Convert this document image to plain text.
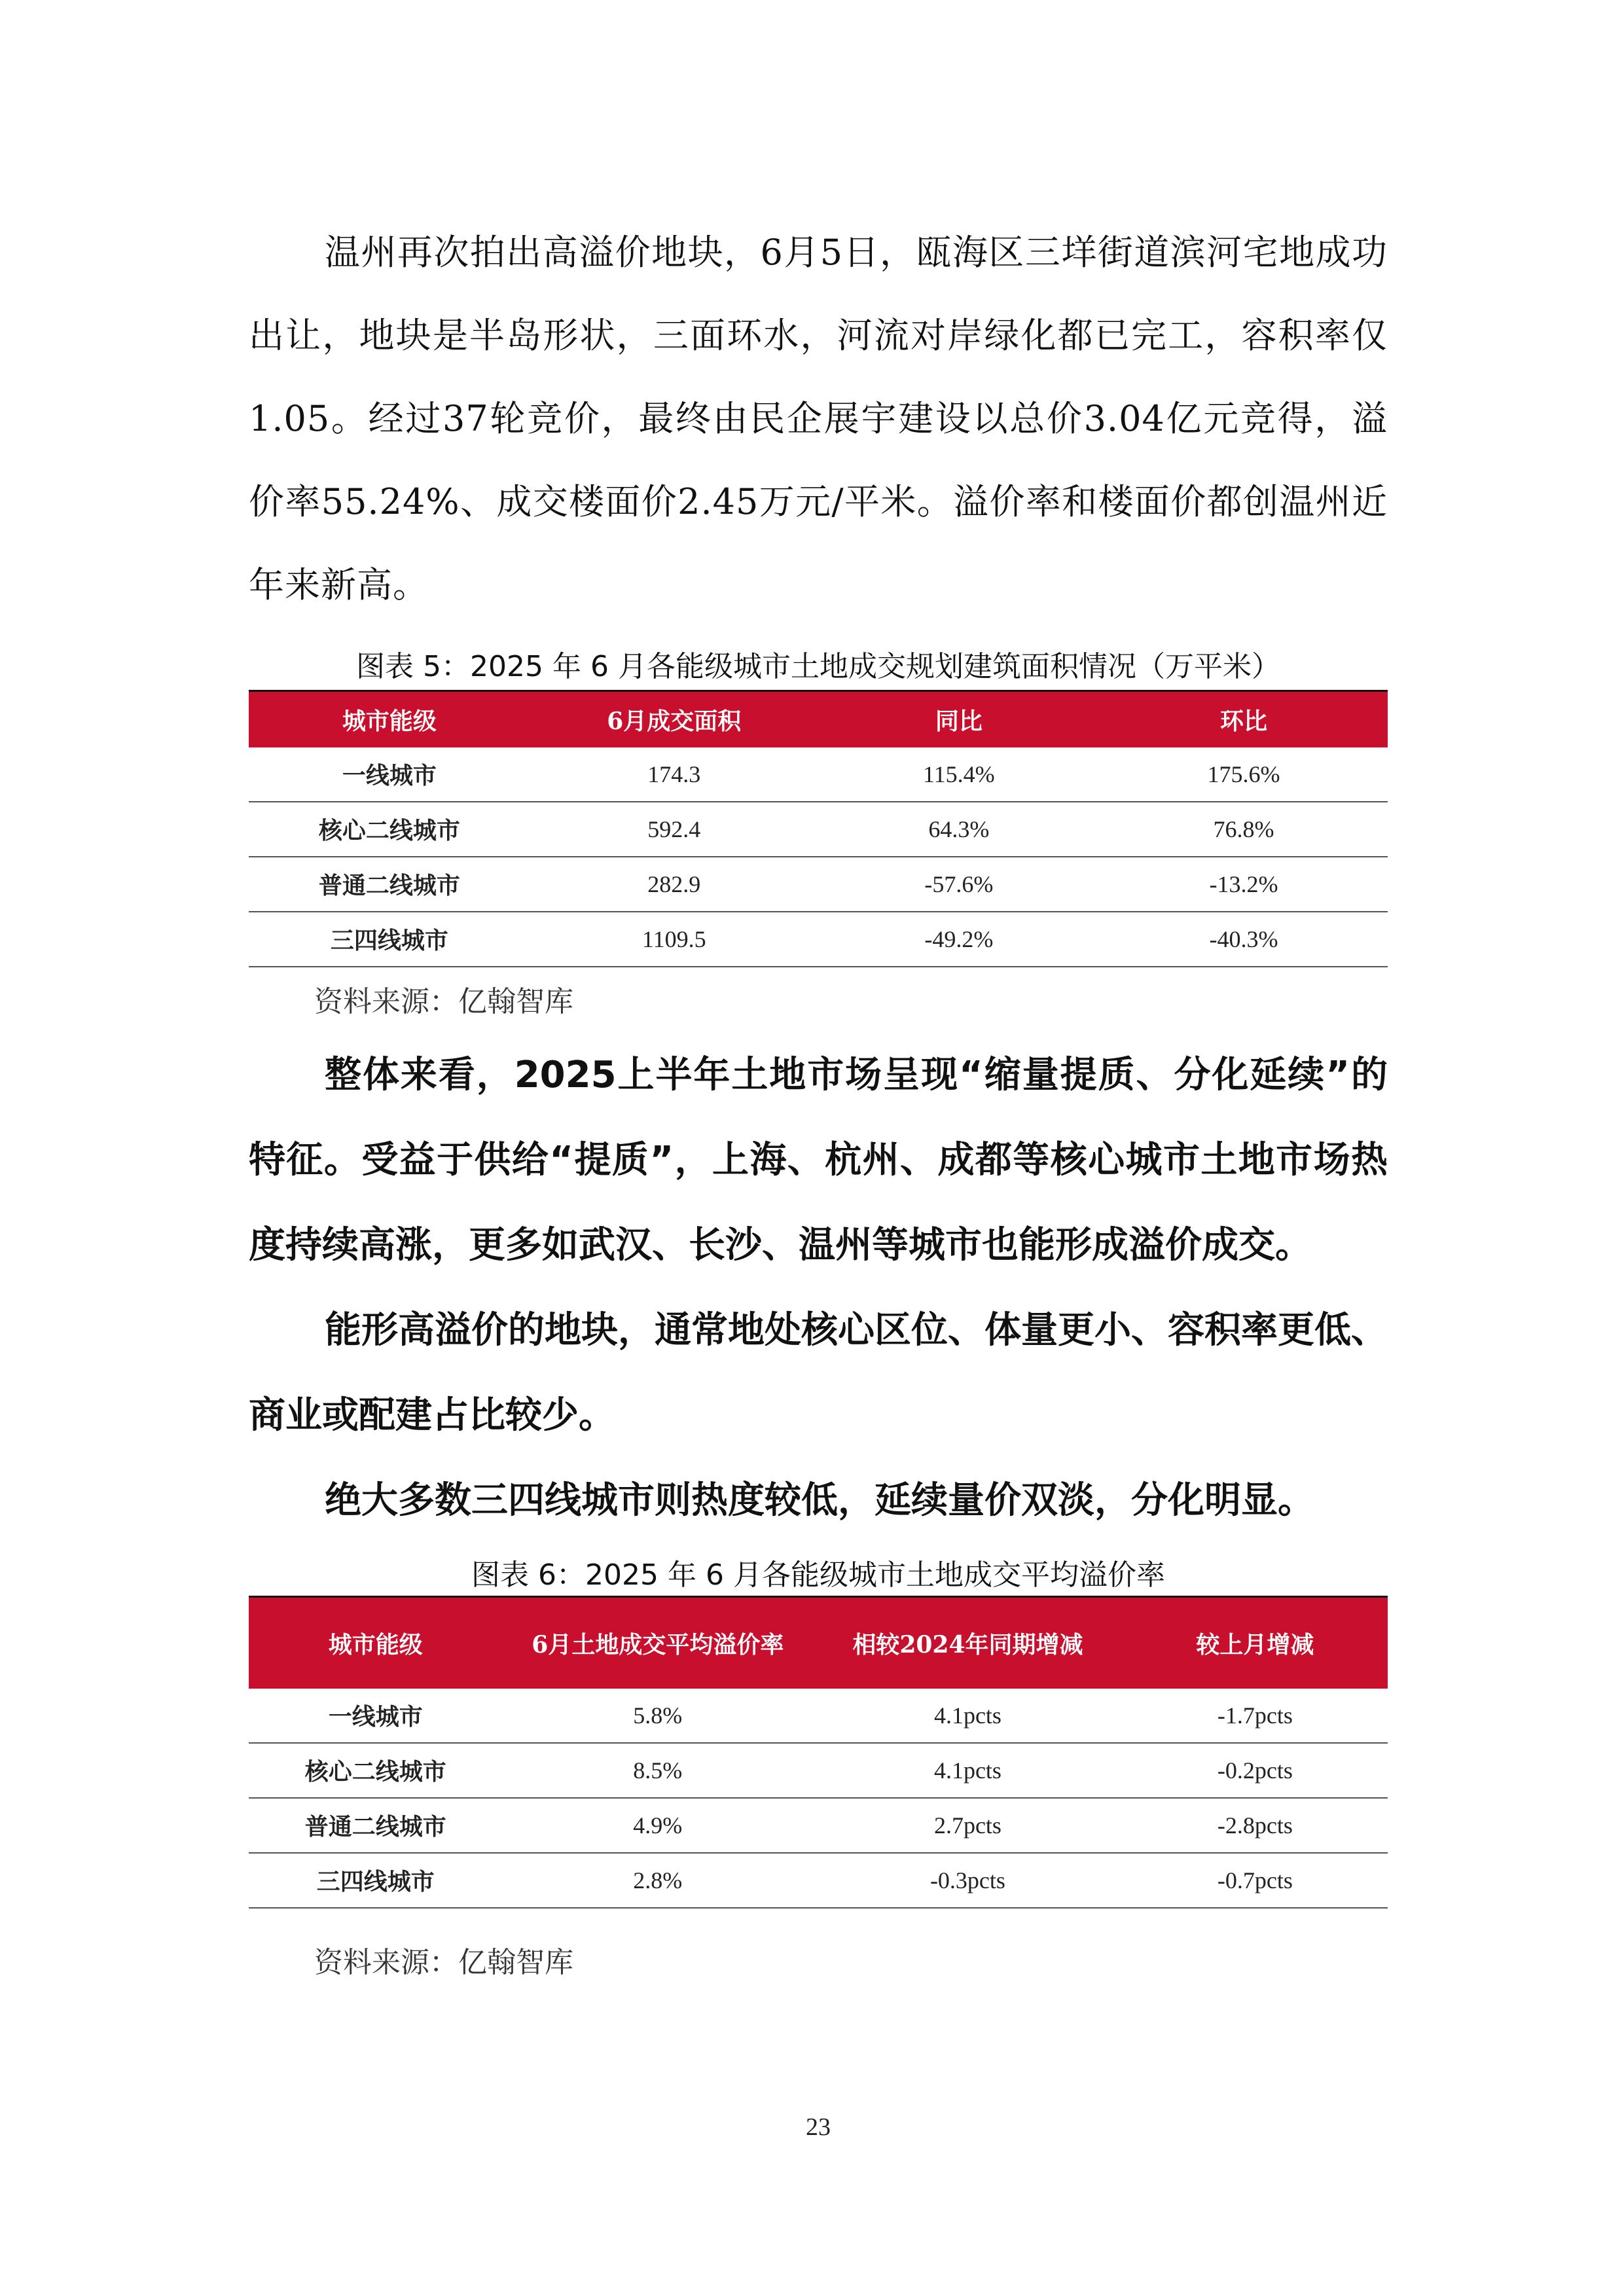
温州再次拍出高溢价地块，6月5日，瓯海区三垟街道滨河宅地成功出让，地块是半岛形状，三面环水，河流对岸绿化都已完工，容积率仅1.05。经过37轮竞价，最终由民企展宇建设以总价3.04亿元竞得，溢价率55.24%、成交楼面价2.45万元/平米。溢价率和楼面价都创温州近年来新高。

图表 5：2025 年 6 月各能级城市土地成交规划建筑面积情况（万平米）
城市能级	6月成交面积	同比	环比
一线城市	174.3	115.4%	175.6%
核心二线城市	592.4	64.3%	76.8%
普通二线城市	282.9	-57.6%	-13.2%
三四线城市	1109.5	-49.2%	-40.3%
资料来源：亿翰智库

整体来看，2025上半年土地市场呈现“缩量提质、分化延续”的特征。受益于供给“提质”，上海、杭州、成都等核心城市土地市场热度持续高涨，更多如武汉、长沙、温州等城市也能形成溢价成交。

能形高溢价的地块，通常地处核心区位、体量更小、容积率更低、商业或配建占比较少。

绝大多数三四线城市则热度较低，延续量价双淡，分化明显。

图表 6：2025 年 6 月各能级城市土地成交平均溢价率
城市能级	6月土地成交平均溢价率	相较2024年同期增减	较上月增减
一线城市	5.8%	4.1pcts	-1.7pcts
核心二线城市	8.5%	4.1pcts	-0.2pcts
普通二线城市	4.9%	2.7pcts	-2.8pcts
三四线城市	2.8%	-0.3pcts	-0.7pcts
资料来源：亿翰智库
23
